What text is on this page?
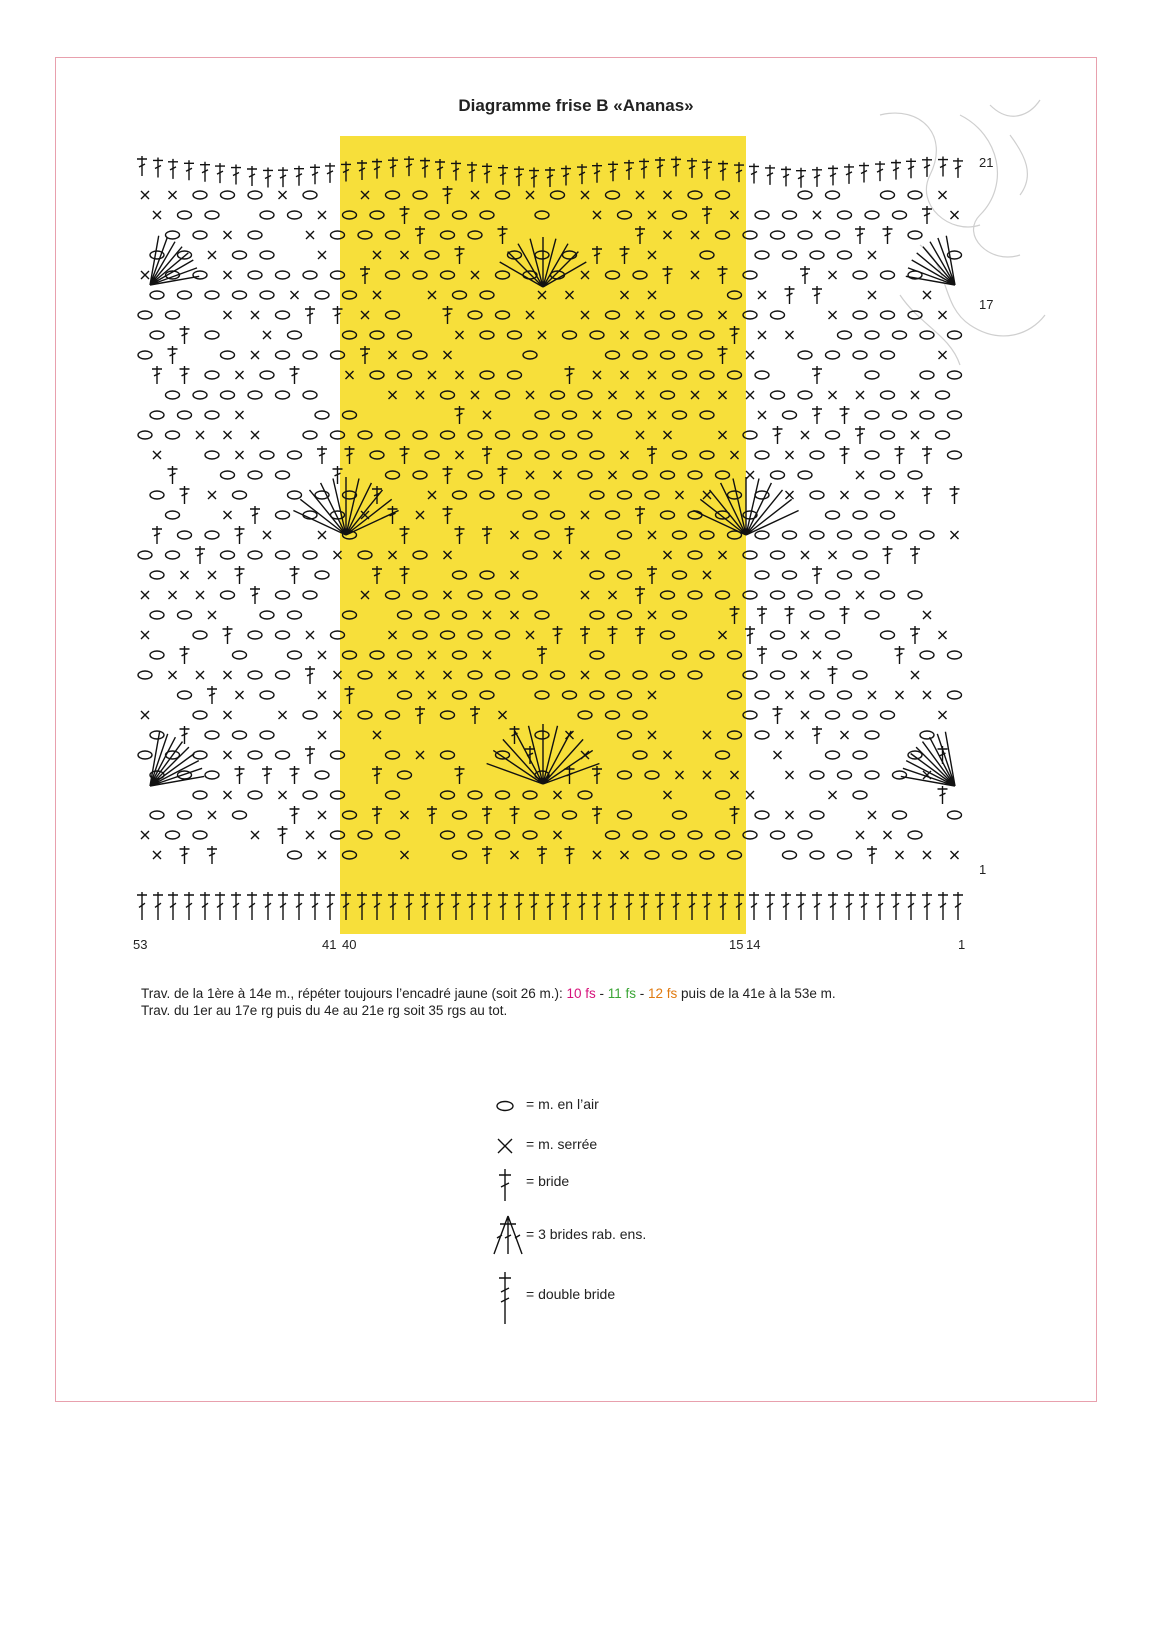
Diagramme frise B «Ananas»
53	41 40	15 14	1
21
17
1
Trav. de la 1ère à 14e m., répéter toujours l’encadré jaune (soit 26 m.): 10 fs - 11 fs - 12 fs puis de la 41e à la 53e m.
Trav. du 1er au 17e rg puis du 4e au 21e rg soit 35 rgs au tot.
= m. en l’air
= m. serrée
= bride
= 3 brides rab. ens.
= double bride
